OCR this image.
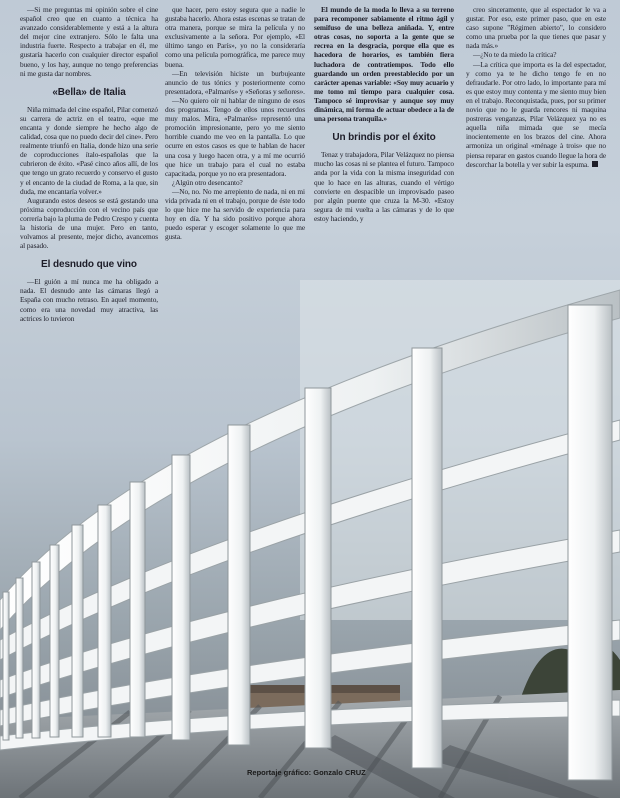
—Si me preguntas mi opinión sobre el cine español creo que en cuanto a técnica ha avanzado considerablemente y está a la altura del mejor cine extranjero. Sólo le falta una industria fuerte. Respecto a trabajar en él, me gustaría hacerlo con cualquier director español bueno, y los hay, aunque no tengo preferencias ni me gusta dar nombres.

«Bella» de Italia

Niña mimada del cine español, Pilar comenzó su carrera de actriz en el teatro, «que me encanta y donde siempre he hecho algo de calidad, cosa que no puedo decir del cine». Pero realmente triunfó en Italia, donde hizo una serie de coproducciones ítalo-españolas que la cubrieron de éxito. «Pasé cinco años allí, de los que tengo un grato recuerdo y conservo el gusto y el encanto de la ciudad de Roma, a la que, sin duda, me encantaría volver.»

Augurando estos deseos se está gestando una próxima coproducción con el vecino país que correría bajo la pluma de Pedro Crespo y cuenta la historia de una mujer. Pero en tanto, volvamos al presente, mejor dicho, avancemos al pasado.

El desnudo que vino

—El guión a mí nunca me ha obligado a nada. El desnudo ante las cámaras llegó a España con mucho retraso. En aquel momento, como era una novedad muy atractiva, las actrices lo tuvieron

que hacer, pero estoy segura que a nadie le gustaba hacerlo. Ahora estas escenas se tratan de otra manera, porque se mira la película y no exclusivamente a la señora. Por ejemplo, «El último tango en París», yo no la consideraría como una película pornográfica, me parece muy buena.

—En televisión hiciste un burbujeante anuncio de tus tónics y posteriormente como presentadora, «Palmarés» y «Señoras y señores».

—No quiero oír ni hablar de ninguno de esos dos programas. Tengo de ellos unos recuerdos muy malos. Mira, «Palmarés» representó una promoción impresionante, pero yo me siento horrible cuando me veo en la pantalla. Lo que ocurre en estos casos es que te hablan de hacer una cosa y luego hacen otra, y a mí me ocurrió que hice un trabajo para el cual no estaba capacitada, porque yo no era presentadora.

¿Algún otro desencanto?

—No, no. No me arrepiento de nada, ni en mi vida privada ni en el trabajo, porque de éste todo lo que hice me ha servido de experiencia para hoy en día. Y ha sido positivo porque ahora puedo esperar y escoger solamente lo que me gusta.

El mundo de la moda lo lleva a su terreno para recomponer sabiamente el ritmo ágil y semifuso de una belleza aniñada. Y, entre otras cosas, no soporta a la gente que se recrea en la desgracia, porque ella que es hacedora de horarios, es también fiera luchadora de contratiempos. Todo ello guardando un orden preestablecido por un carácter apenas variable: «Soy muy acuario y me tomo mi tiempo para cualquier cosa. Tampoco sé improvisar y aunque soy muy dinámica, mi forma de actuar obedece a la de una persona tranquila.»

Un brindis por el éxito

Tenaz y trabajadora, Pilar Velázquez no piensa mucho las cosas ni se plantea el futuro. Tampoco anda por la vida con la misma inseguridad con que lo hace en las alturas, cuando el vértigo convierte en despacible un improvisado paseo por algún puente que cruza la M-30. «Estoy segura de mi vuelta a las cámaras y de lo que estoy haciendo, y

creo sinceramente, que al espectador le va a gustar. Por eso, este primer paso, que en este caso supone "Régimen abierto", lo considero como una prueba por la que tienes que pasar y nada más.»

—¿No te da miedo la crítica?

—La crítica que importa es la del espectador, y como ya te he dicho tengo fe en no defraudarle. Por otro lado, lo importante para mí es que estoy muy contenta y me siento muy bien en el trabajo. Reconquistada, pues, por su primer novio que no le guarda rencores ni maquina postreras venganzas, Pilar Velázquez ya no es aquella niña mimada que se mecía inocientemente en los brazos del cine. Ahora armoniza un original «ménage à trois» que no piensa reparar en gastos cuando llegue la hora de descorchar la botella y ver subir la espuma.

Reportaje gráfico: Gonzalo CRUZ
